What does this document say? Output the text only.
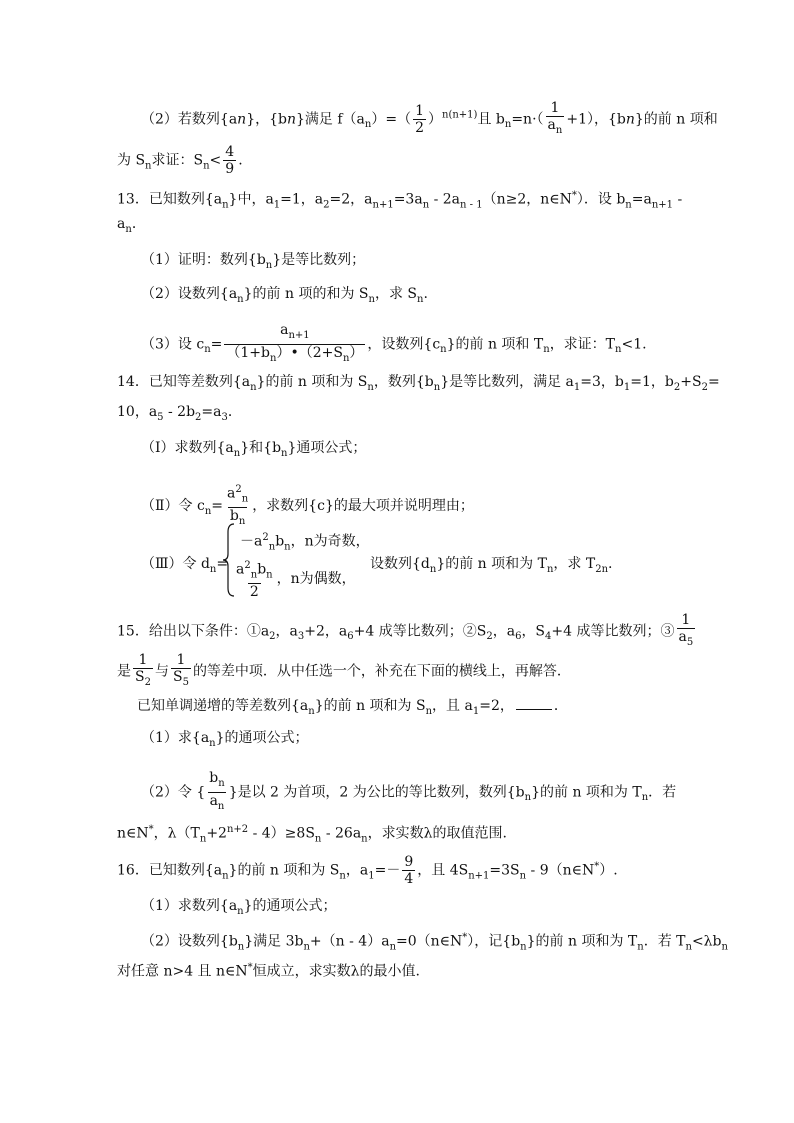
（2）若数列{an}，{bn}满足 $f(a_n)=( \frac{1}{2} )^{n(n+1)}$且 $b_n=n\cdot( \frac{1}{a_n} +1)$，{bn}的前 n 项和
为 $S_n$求证：$S_n< \frac{4}{9}$ .
13．已知数列$\{a_n\}$中，$a_1=1$，$a_2=2$，$a_{n+1}=3a_n - 2a_{n - 1}(n\ge 2$，n∈N*）．设 $b_n=a_{n+1}$ -
$a_n$．
（1）证明：数列$\{b_n\}$是等比数列；
（2）设数列$\{a_n\}$的前 n 项的和为 $S_n$，求 $S_n$.
（3）设 $c_n= \frac{a_{n+1}}{(1+b_n)•(2+S_n)}$ ，设数列$\{c_n\}$的前 n 项和 $T_n$，求证：$T_n<1$.
14．已知等差数列$\{a_n\}$的前 n 项和为 $S_n$，数列$\{b_n\}$是等比数列，满足 $a_1=3$，$b_1=1$，$b_2+S_2=$
10，$a_5 - 2b_2=a_3$．
（Ⅰ）求数列$\{a_n\}$和$\{b_n\}$通项公式；
（Ⅱ）令 $c_n= \frac{a^2_n}{b_n}$ ，求数列{c}的最大项并说明理由；
（Ⅲ）令 $d_n=$
$-a^2_nb_n$，n为奇数，
$\frac{a^2_nb_n}{2}$ ，n为偶数，
设数列$\{d_n\}$的前 n 项和为 $T_n$，求 $T_{2n}$.
15．给出以下条件：$①a_2$，$a_3+2$，$a_6+4$ 成等比数列；$②S_2$，$a_6$，$S_4+4$ 成等比数列；③ $\frac{1}{a_5}$
是 $\frac{1}{S_2}$ 与 $\frac{1}{S_5}$ 的等差中项．从中任选一个，补充在下面的横线上，再解答．
已知单调递增的等差数列$\{a_n\}$的前 n 项和为 $S_n$，且 $a_1=2$，	．
（1）求$\{a_n\}$的通项公式；
（2）令 { $\frac{b_n}{a_n}$ }是以 2 为首项，2 为公比的等比数列，数列$\{b_n\}$的前 n 项和为 $T_n$．若
n∈N*，$\lambda(T_n+2^{n+2} - 4)\ge 8S_n - 26a_n$，求实数λ的取值范围.
16．已知数列$\{a_n\}$的前 n 项和为 $S_n$，$a_1=- \frac{9}{4}$ ，且 $4S_{n+1}=3S_n$ - 9（n∈N*）.
（1）求数列$\{a_n\}$的通项公式；
（2）设数列$\{b_n\}$满足 $3b_n+(n$ - $4)a_n=0(n\in N^*)$，记$\{b_n\}$的前 n 项和为 $T_n$．若 $T_n<\lambda b_n$
对任意 n>4 且 n∈N*恒成立，求实数λ的最小值.
